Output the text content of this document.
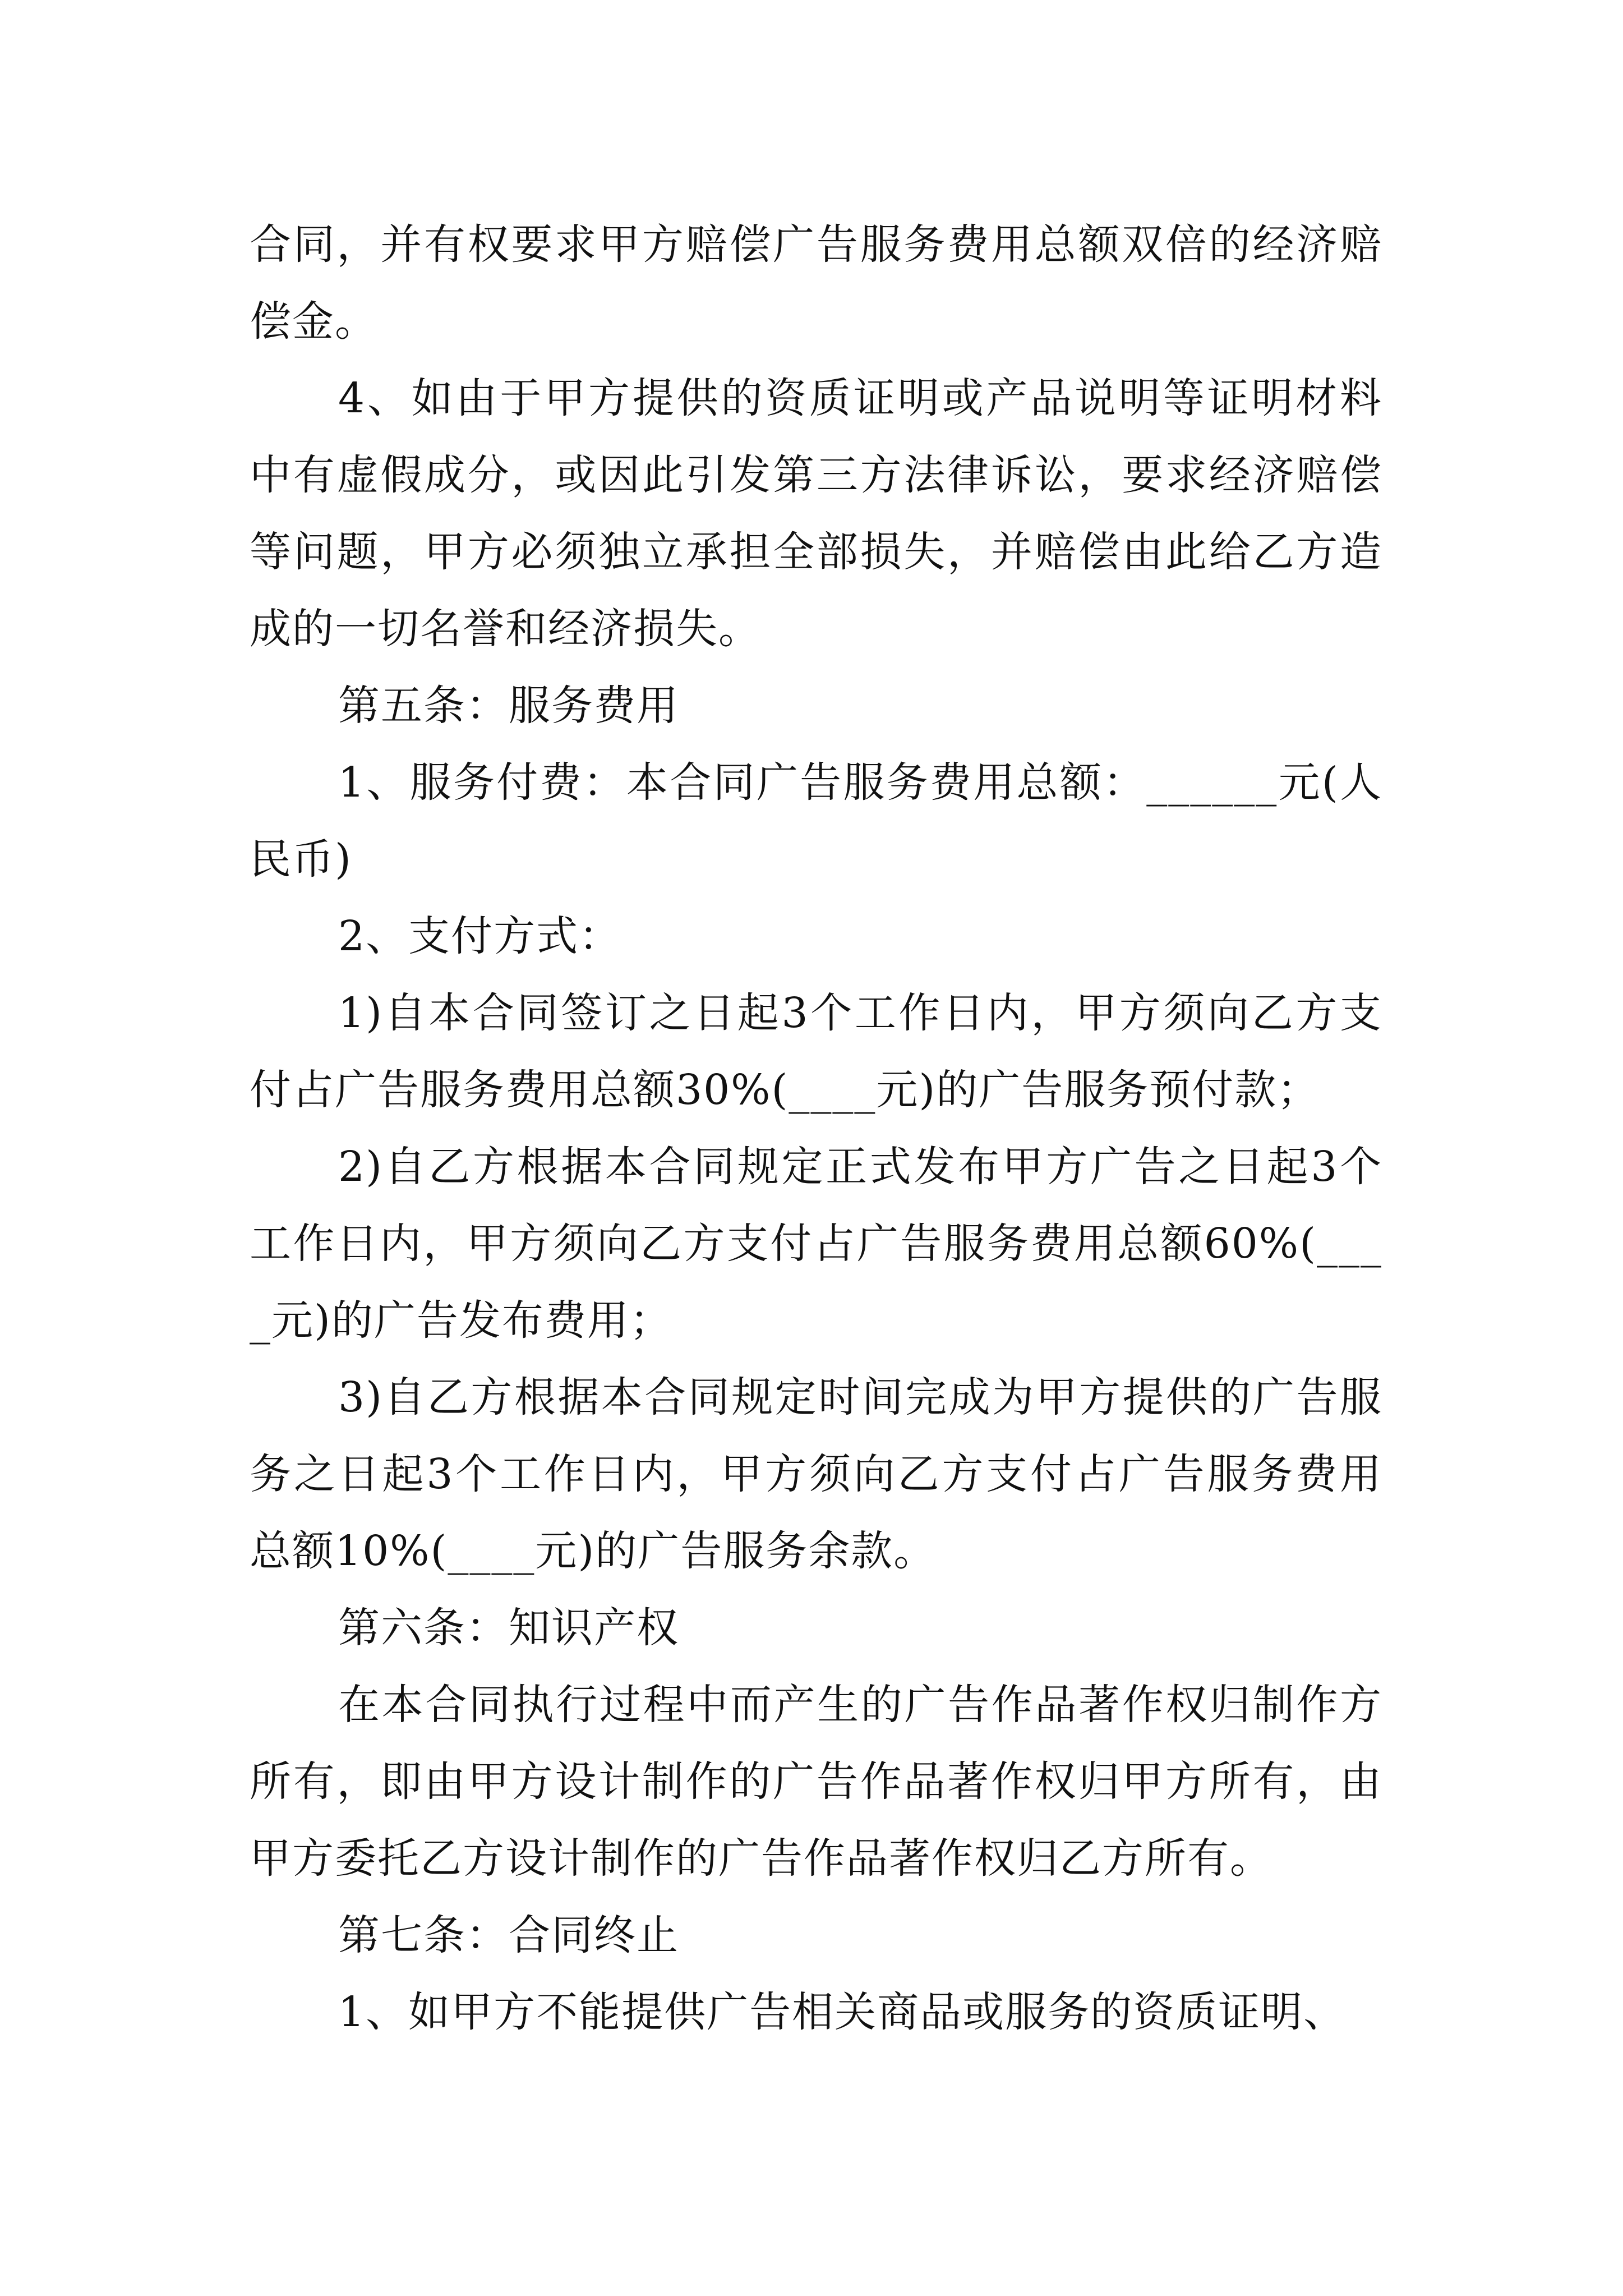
合同，并有权要求甲方赔偿广告服务费用总额双倍的经济赔偿金。

4、如由于甲方提供的资质证明或产品说明等证明材料中有虚假成分，或因此引发第三方法律诉讼，要求经济赔偿等问题，甲方必须独立承担全部损失，并赔偿由此给乙方造成的一切名誉和经济损失。

第五条：服务费用

1、服务付费：本合同广告服务费用总额：______元(人民币)

2、支付方式：

1)自本合同签订之日起3个工作日内，甲方须向乙方支付占广告服务费用总额30%(____元)的广告服务预付款；

2)自乙方根据本合同规定正式发布甲方广告之日起3个工作日内，甲方须向乙方支付占广告服务费用总额60%(____元)的广告发布费用；

3)自乙方根据本合同规定时间完成为甲方提供的广告服务之日起3个工作日内，甲方须向乙方支付占广告服务费用总额10%(____元)的广告服务余款。

第六条：知识产权

在本合同执行过程中而产生的广告作品著作权归制作方所有，即由甲方设计制作的广告作品著作权归甲方所有，由甲方委托乙方设计制作的广告作品著作权归乙方所有。

第七条：合同终止

1、如甲方不能提供广告相关商品或服务的资质证明、
